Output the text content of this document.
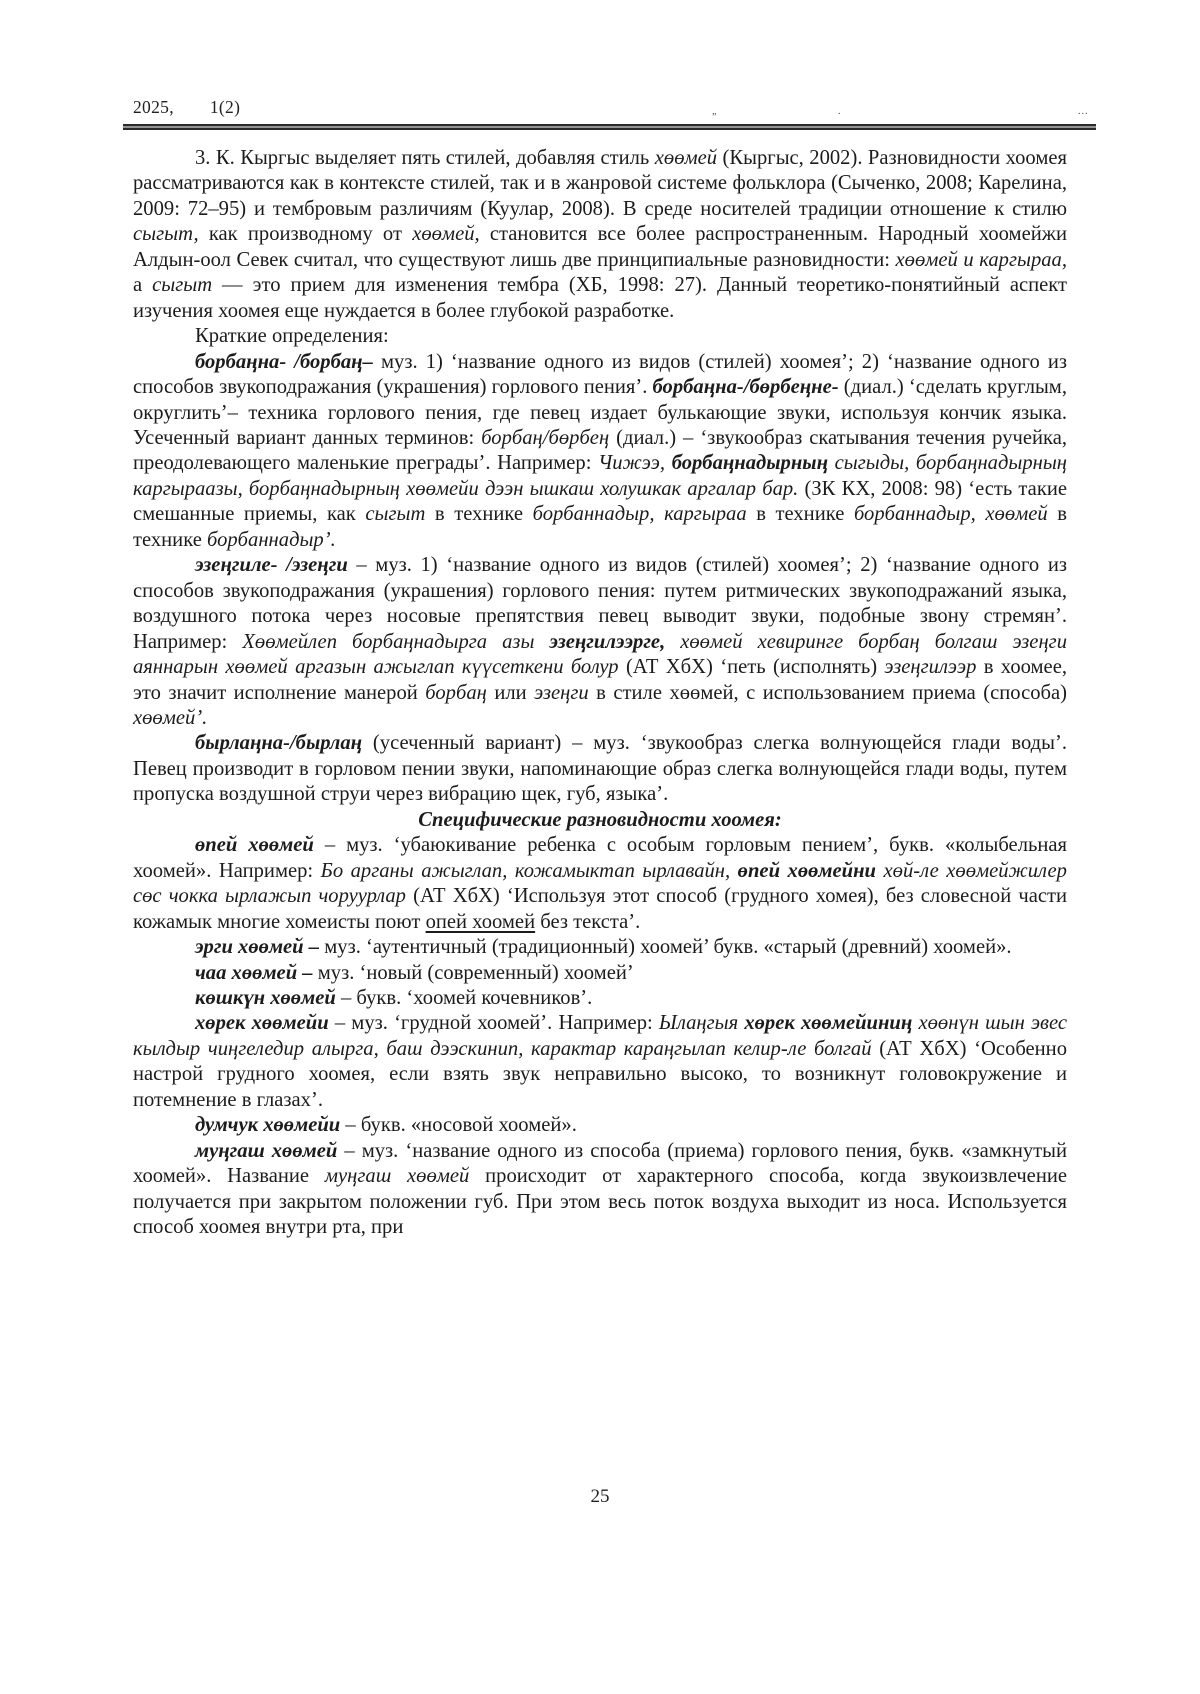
2025, 1(2)	„	.	...

3. К. Кыргыс выделяет пять стилей, добавляя стиль хөөмей (Кыргыс, 2002). Разновидности хоомея рассматриваются как в контексте стилей, так и в жанровой системе фольклора (Сыченко, 2008; Карелина, 2009: 72–95) и тембровым различиям (Куулар, 2008). В среде носителей традиции отношение к стилю сыгыт, как производному от хөөмей, становится все более распространенным. Народный хоомейжи Алдын-оол Севек считал, что существуют лишь две принципиальные разновидности: хөөмей и каргыраа, а сыгыт — это прием для изменения тембра (ХБ, 1998: 27). Данный теоретико-понятийный аспект изучения хоомея еще нуждается в более глубокой разработке.

Краткие определения:

борбаңна- /борбаң– муз. 1) ‘название одного из видов (стилей) хоомея’; 2) ‘название одного из способов звукоподражания (украшения) горлового пения’. борбаңна-/бөрбеңне- (диал.) ‘сделать круглым, округлить’– техника горлового пения, где певец издает булькающие звуки, используя кончик языка. Усеченный вариант данных терминов: борбаң/бөрбең (диал.) – ‘звукообраз скатывания течения ручейка, преодолевающего маленькие преграды’. Например: Чижээ, борбаңнадырның сыгыды, борбаңнадырның каргыраазы, борбаңнадырның хөөмейи дээн ышкаш холушкак аргалар бар. (ЗК КХ, 2008: 98) ‘есть такие смешанные приемы, как сыгыт в технике борбаннадыр, каргыраа в технике борбаннадыр, хөөмей в технике борбаннадыр’.

эзеңгиле- /эзеңги – муз. 1) ‘название одного из видов (стилей) хоомея’; 2) ‘название одного из способов звукоподражания (украшения) горлового пения: путем ритмических звукоподражаний языка, воздушного потока через носовые препятствия певец выводит звуки, подобные звону стремян’. Например: Хөөмейлеп борбаңнадырга азы эзеңгилээрге, хөөмей хевиринге борбаң болгаш эзеңги аяннарын хөөмей аргазын ажыглап күүсеткени болур (АТ ХбХ) ‘петь (исполнять) эзеңгилээр в хоомее, это значит исполнение манерой борбаң или эзеңги в стиле хөөмей, с использованием приема (способа) хөөмей’.

бырлаңна-/бырлаң (усеченный вариант) – муз. ‘звукообраз слегка волнующейся глади воды’. Певец производит в горловом пении звуки, напоминающие образ слегка волнующейся глади воды, путем пропуска воздушной струи через вибрацию щек, губ, языка’.

Специфические разновидности хоомея:

өпей хөөмей – муз. ‘убаюкивание ребенка с особым горловым пением’, букв. «колыбельная хоомей». Например: Бо арганы ажыглап, кожамыктап ырлавайн, өпей хөөмейни хөй-ле хөөмейжилер сөс чокка ырлажып чоруурлар (АТ ХбХ) ‘Используя этот способ (грудного хомея), без словесной части кожамык многие хомеисты поют опей хоомей без текста’.

эрги хөөмей – муз. ‘аутентичный (традиционный) хоомей’ букв. «старый (древний) хоомей».

чаа хөөмей – муз. ‘новый (современный) хоомей’

көшкүн хөөмей – букв. ‘хоомей кочевников’.

хөрек хөөмейи – муз. ‘грудной хоомей’. Например: Ылаңгыя хөрек хөөмейиниң хөөнүн шын эвес кылдыр чиңгеледир алырга, баш дээскинип, карактар караңгылап келир-ле болгай (АТ ХбХ) ‘Особенно настрой грудного хоомея, если взять звук неправильно высоко, то возникнут головокружение и потемнение в глазах’.

думчук хөөмейи – букв. «носовой хоомей».

муңгаш хөөмей – муз. ‘название одного из способа (приема) горлового пения, букв. «замкнутый хоомей». Название муңгаш хөөмей происходит от характерного способа, когда звукоизвлечение получается при закрытом положении губ. При этом весь поток воздуха выходит из носа. Используется способ хоомея внутри рта, при

25
